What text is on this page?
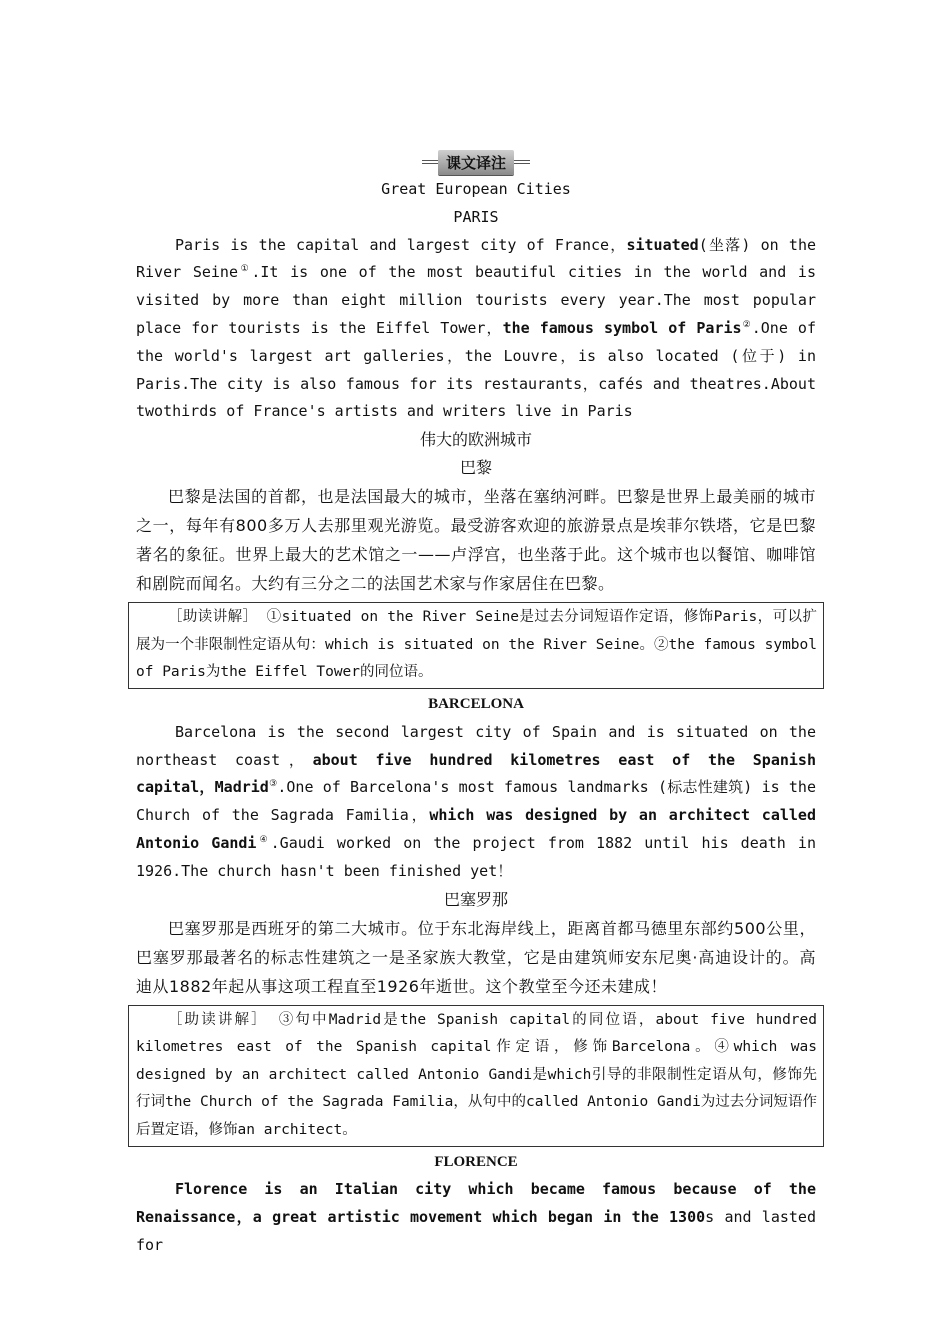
课文译注
Great European Cities
PARIS

Paris is the capital and largest city of France，situated(坐落) on the River Seine①.It is one of the most beautiful cities in the world and is visited by more than eight million tourists every year.The most popular place for tourists is the Eiffel Tower，the famous symbol of Paris②.One of the world's largest art galleries，the Louvre，is also located (位于) in Paris.The city is also famous for its restaurants，cafés and theatres.About twothirds of France's artists and writers live in Paris

伟大的欧洲城市
巴黎

巴黎是法国的首都，也是法国最大的城市，坐落在塞纳河畔。巴黎是世界上最美丽的城市之一，每年有800多万人去那里观光游览。最受游客欢迎的旅游景点是埃菲尔铁塔，它是巴黎著名的象征。世界上最大的艺术馆之一——卢浮宫，也坐落于此。这个城市也以餐馆、咖啡馆和剧院而闻名。大约有三分之二的法国艺术家与作家居住在巴黎。

［助读讲解］ ①situated on the River Seine是过去分词短语作定语，修饰Paris，可以扩展为一个非限制性定语从句：which is situated on the River Seine。②the famous symbol of Paris为the Eiffel Tower的同位语。
BARCELONA

Barcelona is the second largest city of Spain and is situated on the northeast coast，about five hundred kilometres east of the Spanish capital，Madrid③.One of Barcelona's most famous landmarks (标志性建筑) is the Church of the Sagrada Familia，which was designed by an architect called Antonio Gandi④.Gaudi worked on the project from 1882 until his death in 1926.The church hasn't been finished yet！

巴塞罗那

巴塞罗那是西班牙的第二大城市。位于东北海岸线上，距离首都马德里东部约500公里，巴塞罗那最著名的标志性建筑之一是圣家族大教堂，它是由建筑师安东尼奥·高迪设计的。高迪从1882年起从事这项工程直至1926年逝世。这个教堂至今还未建成！

［助读讲解］ ③句中Madrid是the Spanish capital的同位语，about five hundred kilometres east of the Spanish capital作定语，修饰Barcelona。④which was designed by an architect called Antonio Gandi是which引导的非限制性定语从句，修饰先行词the Church of the Sagrada Familia，从句中的called Antonio Gandi为过去分词短语作后置定语，修饰an architect。
FLORENCE

Florence is an Italian city which became famous because of the Renaissance，a great artistic movement which began in the 1300s and lasted for
